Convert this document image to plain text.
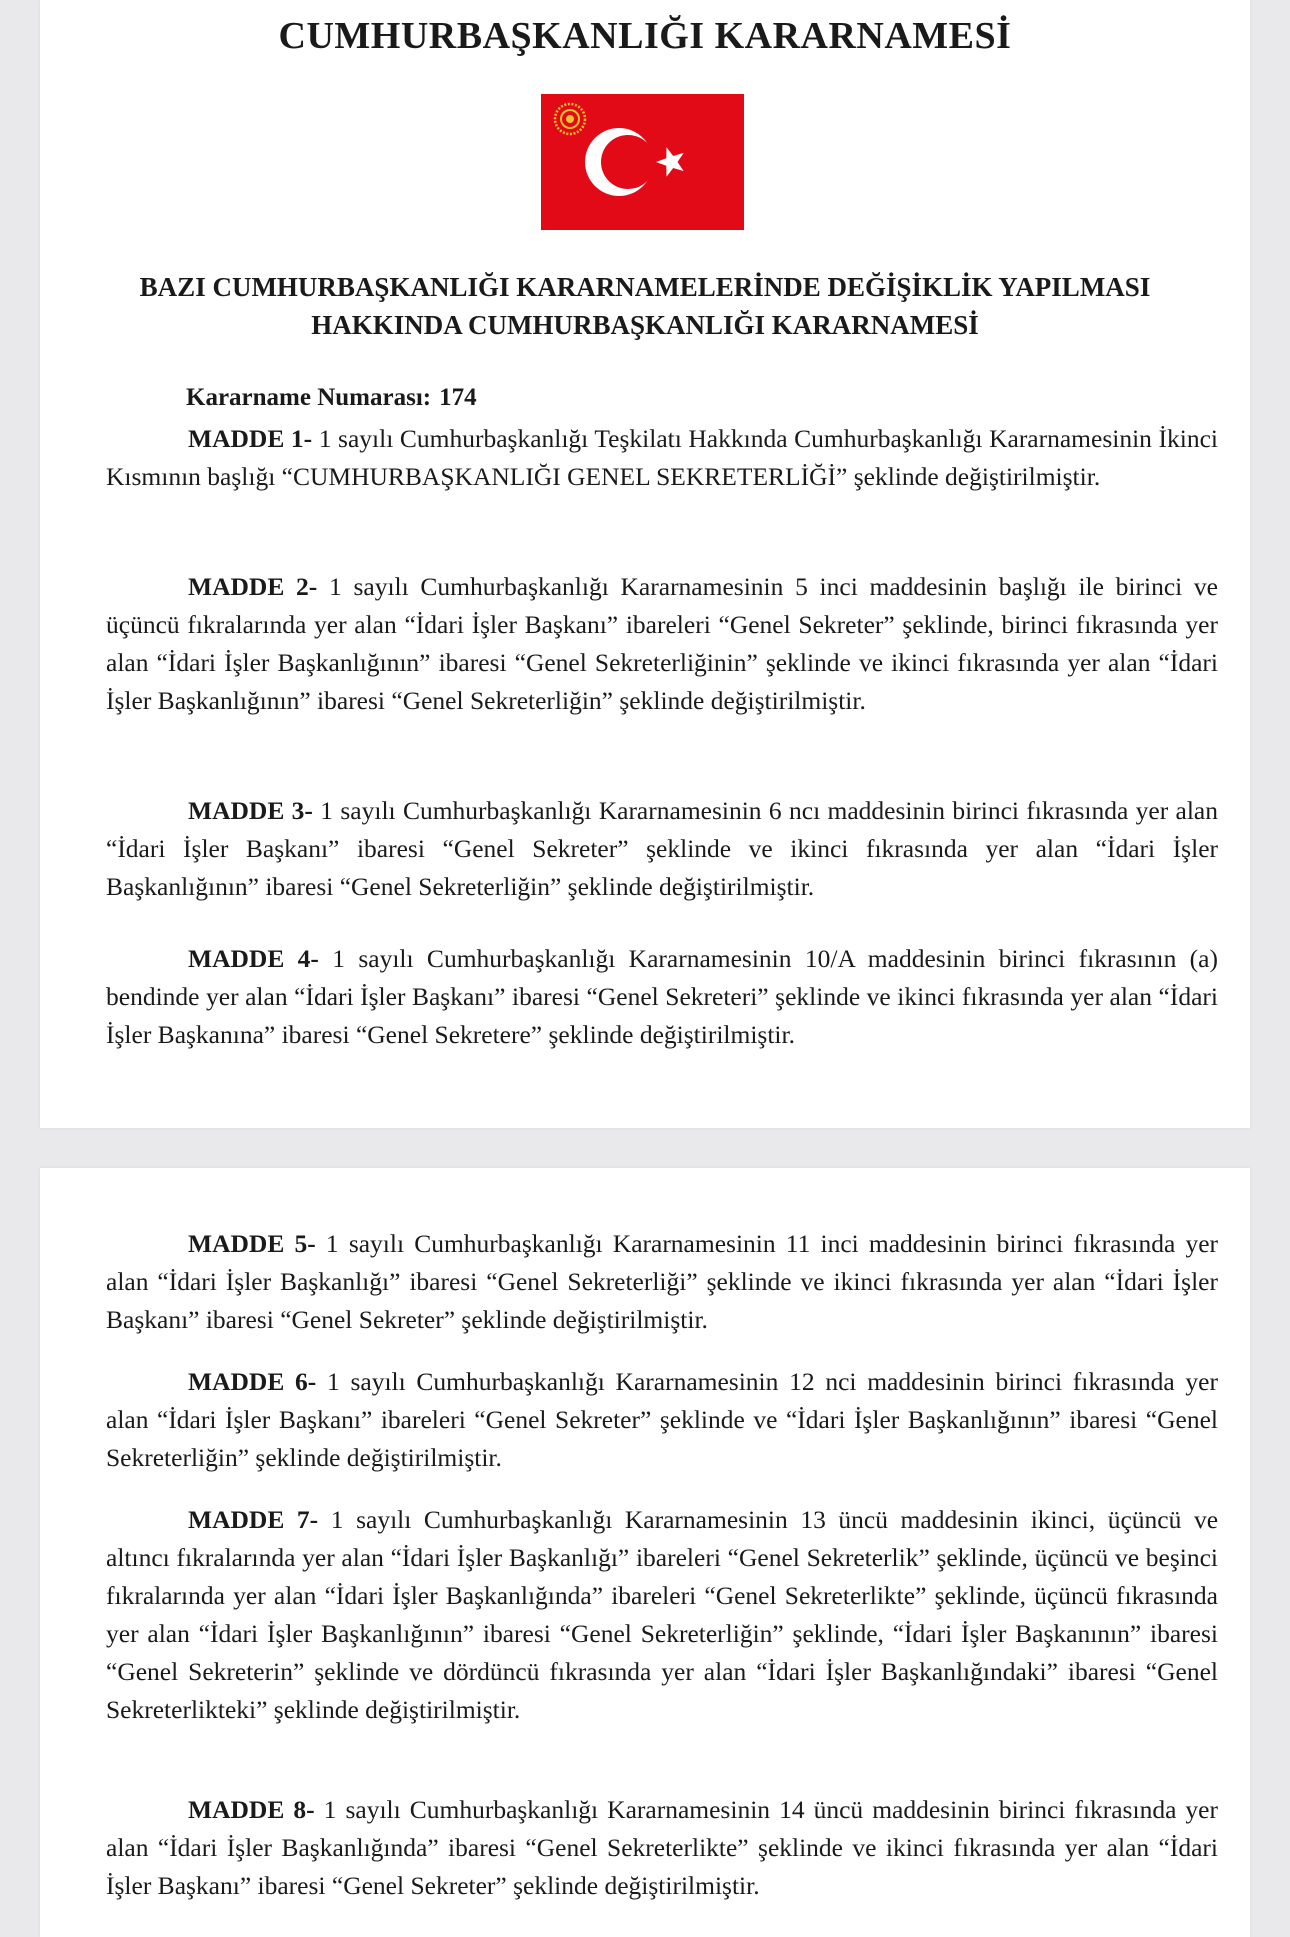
CUMHURBAŞKANLIĞI KARARNAMESİ
BAZI CUMHURBAŞKANLIĞI KARARNAMELERİNDE DEĞİŞİKLİK YAPILMASI
HAKKINDA CUMHURBAŞKANLIĞI KARARNAMESİ

Kararname Numarası: 174

MADDE 1- 1 sayılı Cumhurbaşkanlığı Teşkilatı Hakkında Cumhurbaşkanlığı Kararnamesinin İkinci Kısmının başlığı “CUMHURBAŞKANLIĞI GENEL SEKRETERLİĞİ” şeklinde değiştirilmiştir.

MADDE 2- 1 sayılı Cumhurbaşkanlığı Kararnamesinin 5 inci maddesinin başlığı ile birinci ve üçüncü fıkralarında yer alan “İdari İşler Başkanı” ibareleri “Genel Sekreter” şeklinde, birinci fıkrasında yer alan “İdari İşler Başkanlığının” ibaresi “Genel Sekreterliğinin” şeklinde ve ikinci fıkrasında yer alan “İdari İşler Başkanlığının” ibaresi “Genel Sekreterliğin” şeklinde değiştirilmiştir.

MADDE 3- 1 sayılı Cumhurbaşkanlığı Kararnamesinin 6 ncı maddesinin birinci fıkrasında yer alan “İdari İşler Başkanı” ibaresi “Genel Sekreter” şeklinde ve ikinci fıkrasında yer alan “İdari İşler Başkanlığının” ibaresi “Genel Sekreterliğin” şeklinde değiştirilmiştir.

MADDE 4- 1 sayılı Cumhurbaşkanlığı Kararnamesinin 10/A maddesinin birinci fıkrasının (a) bendinde yer alan “İdari İşler Başkanı” ibaresi “Genel Sekreteri” şeklinde ve ikinci fıkrasında yer alan “İdari İşler Başkanına” ibaresi “Genel Sekretere” şeklinde değiştirilmiştir.

MADDE 5- 1 sayılı Cumhurbaşkanlığı Kararnamesinin 11 inci maddesinin birinci fıkrasında yer alan “İdari İşler Başkanlığı” ibaresi “Genel Sekreterliği” şeklinde ve ikinci fıkrasında yer alan “İdari İşler Başkanı” ibaresi “Genel Sekreter” şeklinde değiştirilmiştir.

MADDE 6- 1 sayılı Cumhurbaşkanlığı Kararnamesinin 12 nci maddesinin birinci fıkrasında yer alan “İdari İşler Başkanı” ibareleri “Genel Sekreter” şeklinde ve “İdari İşler Başkanlığının” ibaresi “Genel Sekreterliğin” şeklinde değiştirilmiştir.

MADDE 7- 1 sayılı Cumhurbaşkanlığı Kararnamesinin 13 üncü maddesinin ikinci, üçüncü ve altıncı fıkralarında yer alan “İdari İşler Başkanlığı” ibareleri “Genel Sekreterlik” şeklinde, üçüncü ve beşinci fıkralarında yer alan “İdari İşler Başkanlığında” ibareleri “Genel Sekreterlikte” şeklinde, üçüncü fıkrasında yer alan “İdari İşler Başkanlığının” ibaresi “Genel Sekreterliğin” şeklinde, “İdari İşler Başkanının” ibaresi “Genel Sekreterin” şeklinde ve dördüncü fıkrasında yer alan “İdari İşler Başkanlığındaki” ibaresi “Genel Sekreterlikteki” şeklinde değiştirilmiştir.

MADDE 8- 1 sayılı Cumhurbaşkanlığı Kararnamesinin 14 üncü maddesinin birinci fıkrasında yer alan “İdari İşler Başkanlığında” ibaresi “Genel Sekreterlikte” şeklinde ve ikinci fıkrasında yer alan “İdari İşler Başkanı” ibaresi “Genel Sekreter” şeklinde değiştirilmiştir.
